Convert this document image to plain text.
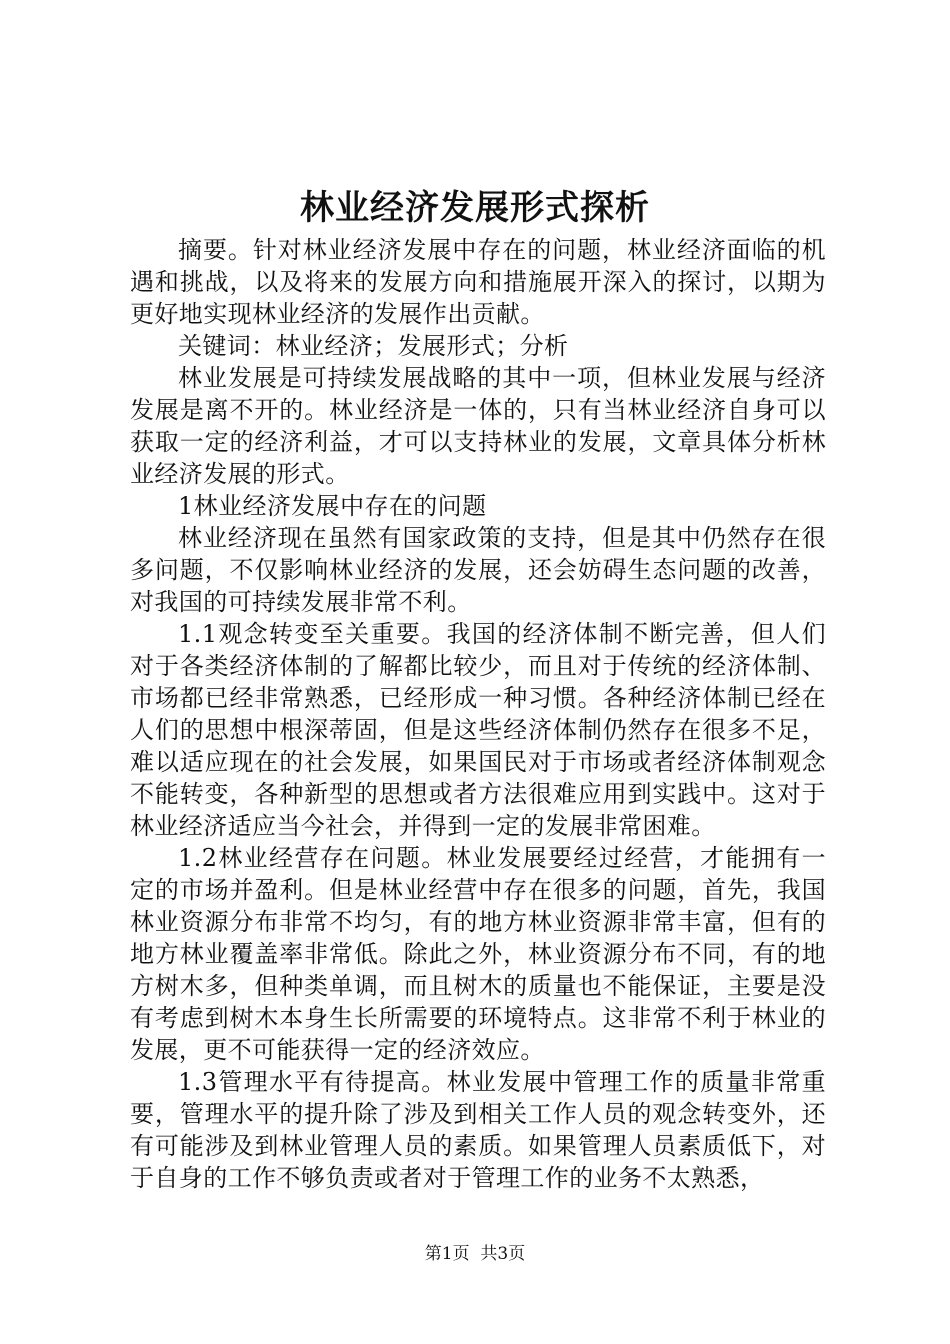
林业经济发展形式探析

摘要。针对林业经济发展中存在的问题，林业经济面临的机遇和挑战，以及将来的发展方向和措施展开深入的探讨，以期为更好地实现林业经济的发展作出贡献。

关键词：林业经济；发展形式；分析

林业发展是可持续发展战略的其中一项，但林业发展与经济发展是离不开的。林业经济是一体的，只有当林业经济自身可以获取一定的经济利益，才可以支持林业的发展，文章具体分析林业经济发展的形式。

1林业经济发展中存在的问题

林业经济现在虽然有国家政策的支持，但是其中仍然存在很多问题，不仅影响林业经济的发展，还会妨碍生态问题的改善，对我国的可持续发展非常不利。

1.1观念转变至关重要。我国的经济体制不断完善，但人们对于各类经济体制的了解都比较少，而且对于传统的经济体制、市场都已经非常熟悉，已经形成一种习惯。各种经济体制已经在人们的思想中根深蒂固，但是这些经济体制仍然存在很多不足，难以适应现在的社会发展，如果国民对于市场或者经济体制观念不能转变，各种新型的思想或者方法很难应用到实践中。这对于林业经济适应当今社会，并得到一定的发展非常困难。

1.2林业经营存在问题。林业发展要经过经营，才能拥有一定的市场并盈利。但是林业经营中存在很多的问题，首先，我国林业资源分布非常不均匀，有的地方林业资源非常丰富，但有的地方林业覆盖率非常低。除此之外，林业资源分布不同，有的地方树木多，但种类单调，而且树木的质量也不能保证，主要是没有考虑到树木本身生长所需要的环境特点。这非常不利于林业的发展，更不可能获得一定的经济效应。

1.3管理水平有待提高。林业发展中管理工作的质量非常重要，管理水平的提升除了涉及到相关工作人员的观念转变外，还有可能涉及到林业管理人员的素质。如果管理人员素质低下，对于自身的工作不够负责或者对于管理工作的业务不太熟悉，

第1页 共3页
